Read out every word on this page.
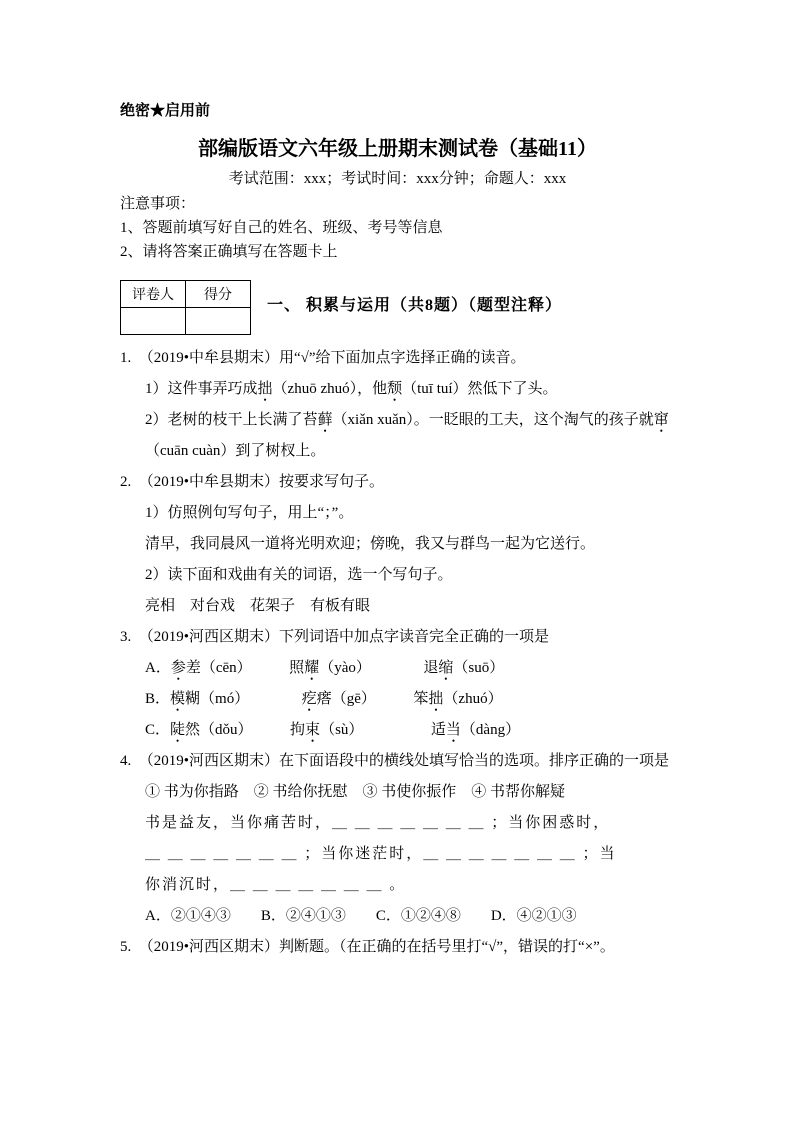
绝密★启用前
部编版语文六年级上册期末测试卷（基础11）
考试范围：xxx；考试时间：xxx分钟；命题人：xxx
注意事项：
1、答题前填写好自己的姓名、班级、考号等信息
2、请将答案正确填写在答题卡上
评卷人	得分

一、 积累与运用（共8题）（题型注释）

1.　（2019•中牟县期末）用“√”给下面加点字选择正确的读音。

1）这件事弄巧成拙（zhuō zhuó），他颓（tuī tuí）然低下了头。

2）老树的枝干上长满了苔藓（xiǎn xuǎn）。一眨眼的工夫，这个淘气的孩子就窜（cuān cuàn）到了树杈上。

2.　（2019•中牟县期末）按要求写句子。

1）仿照例句写句子，用上“；”。

清早，我同晨风一道将光明欢迎；傍晚，我又与群鸟一起为它送行。

2）读下面和戏曲有关的词语，选一个写句子。

亮相　对台戏　花架子　有板有眼

3.　（2019•河西区期末）下列词语中加点字读音完全正确的一项是

A．参差（cēn）　　　照耀（yào）　　　　退缩（suō）

B．模糊（mó）　　　　疙瘩（gē）　　　笨拙（zhuó）

C．陡然（dǒu）　　　拘束（sù）　　　　　适当（dàng）

4.　（2019•河西区期末）在下面语段中的横线处填写恰当的选项。排序正确的一项是

① 书为你指路　② 书给你抚慰　③ 书使你振作　④ 书帮你解疑

书是益友，当你痛苦时，＿ ＿ ＿ ＿ ＿ ＿ ＿ ；当你困惑时，

＿ ＿ ＿ ＿ ＿ ＿ ＿ ；当你迷茫时，＿ ＿ ＿ ＿ ＿ ＿ ＿ ；当

你消沉时，＿ ＿ ＿ ＿ ＿ ＿ ＿ 。

A．②①④③　　B．②④①③　　C．①②④⑧　　D．④②①③

5.　（2019•河西区期末）判断题。（在正确的在括号里打“√”，错误的打“×”。
